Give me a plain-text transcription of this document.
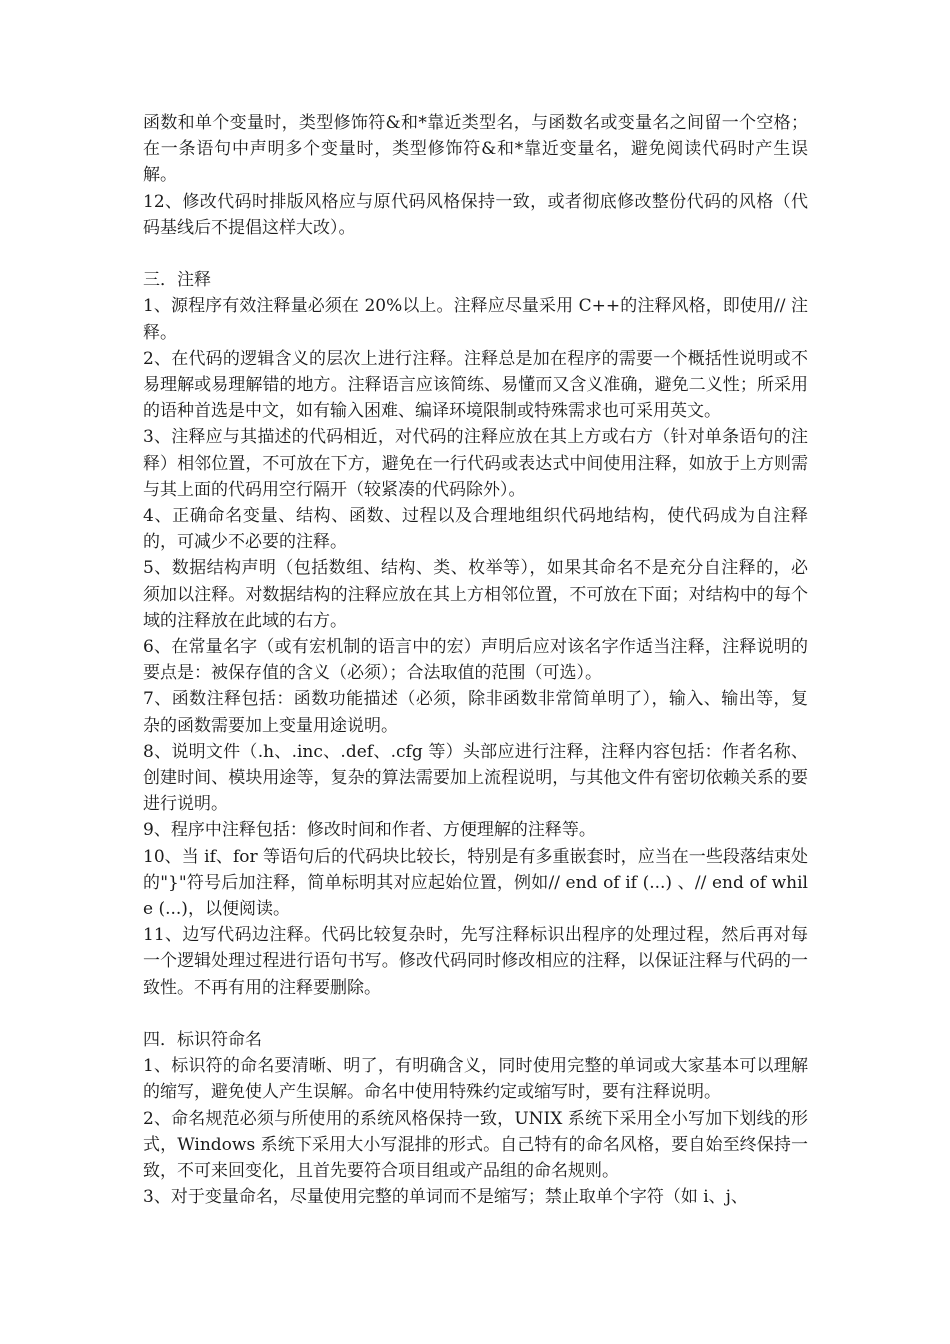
函数和单个变量时，类型修饰符&和*靠近类型名，与函数名或变量名之间留一个空格；在一条语句中声明多个变量时，类型修饰符&和*靠近变量名，避免阅读代码时产生误解。

12、修改代码时排版风格应与原代码风格保持一致，或者彻底修改整份代码的风格（代码基线后不提倡这样大改）。

三．注释

1、源程序有效注释量必须在 20%以上。注释应尽量采用 C++的注释风格，即使用// 注释。

2、在代码的逻辑含义的层次上进行注释。注释总是加在程序的需要一个概括性说明或不易理解或易理解错的地方。注释语言应该简练、易懂而又含义准确，避免二义性；所采用的语种首选是中文，如有输入困难、编译环境限制或特殊需求也可采用英文。

3、注释应与其描述的代码相近，对代码的注释应放在其上方或右方（针对单条语句的注释）相邻位置，不可放在下方，避免在一行代码或表达式中间使用注释，如放于上方则需与其上面的代码用空行隔开（较紧凑的代码除外）。

4、正确命名变量、结构、函数、过程以及合理地组织代码地结构，使代码成为自注释的，可减少不必要的注释。

5、数据结构声明（包括数组、结构、类、枚举等），如果其命名不是充分自注释的，必须加以注释。对数据结构的注释应放在其上方相邻位置，不可放在下面；对结构中的每个域的注释放在此域的右方。

6、在常量名字（或有宏机制的语言中的宏）声明后应对该名字作适当注释，注释说明的要点是：被保存值的含义（必须）；合法取值的范围（可选）。

7、函数注释包括：函数功能描述（必须，除非函数非常简单明了），输入、输出等，复杂的函数需要加上变量用途说明。

8、说明文件（.h、.inc、.def、.cfg 等）头部应进行注释，注释内容包括：作者名称、创建时间、模块用途等，复杂的算法需要加上流程说明，与其他文件有密切依赖关系的要进行说明。

9、程序中注释包括：修改时间和作者、方便理解的注释等。

10、当 if、for 等语句后的代码块比较长，特别是有多重嵌套时，应当在一些段落结束处的"}"符号后加注释，简单标明其对应起始位置，例如// end of if (...) 、// end of while (...)，以便阅读。

11、边写代码边注释。代码比较复杂时，先写注释标识出程序的处理过程，然后再对每一个逻辑处理过程进行语句书写。修改代码同时修改相应的注释，以保证注释与代码的一致性。不再有用的注释要删除。

四．标识符命名

1、标识符的命名要清晰、明了，有明确含义，同时使用完整的单词或大家基本可以理解的缩写，避免使人产生误解。命名中使用特殊约定或缩写时，要有注释说明。

2、命名规范必须与所使用的系统风格保持一致，UNIX 系统下采用全小写加下划线的形式，Windows 系统下采用大小写混排的形式。自己特有的命名风格，要自始至终保持一致，不可来回变化，且首先要符合项目组或产品组的命名规则。

3、对于变量命名，尽量使用完整的单词而不是缩写；禁止取单个字符（如 i、j、
